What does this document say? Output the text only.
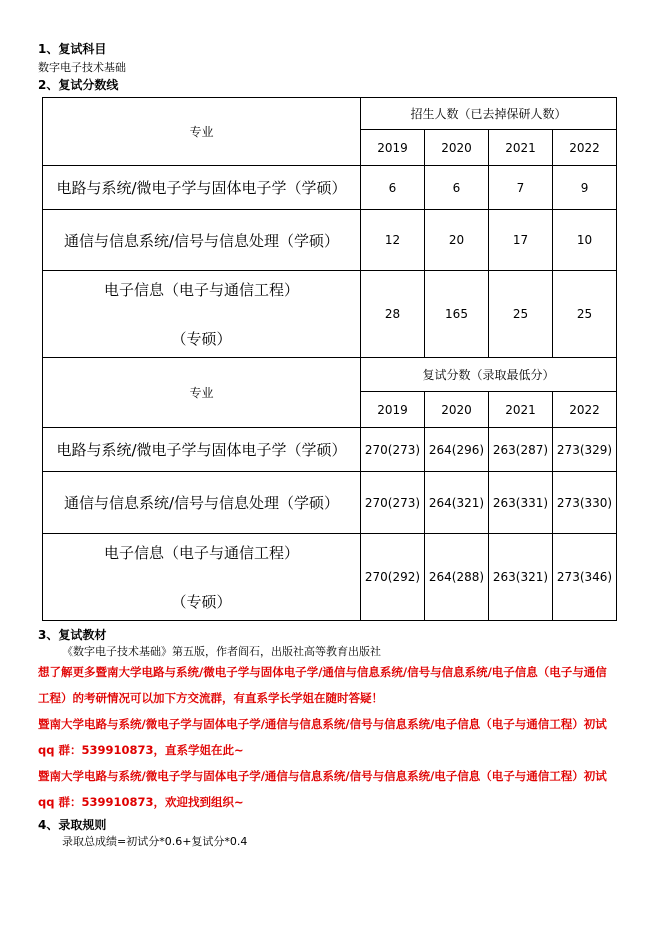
1、复试科目
数字电子技术基础
2、复试分数线
专业	招生人数（已去掉保研人数）			
	2019	2020	2021	2022
电路与系统/微电子学与固体电子学（学硕）	6	6	7	9
通信与信息系统/信号与信息处理（学硕）	12	20	17	10

电子信息（电子与通信工程）
（专硕）	28	165	25	25
专业	复试分数（录取最低分）			
	2019	2020	2021	2022
电路与系统/微电子学与固体电子学（学硕）	270(273)	264(296)	263(287)	273(329)
通信与信息系统/信号与信息处理（学硕）	270(273)	264(321)	263(331)	273(330)

电子信息（电子与通信工程）
（专硕）	270(292)	264(288)	263(321)	273(346)
3、复试教材
《数字电子技术基础》第五版，作者阎石，出版社高等教育出版社
想了解更多暨南大学电路与系统/微电子学与固体电子学/通信与信息系统/信号与信息系统/电子信息（电子与通信
工程）的考研情况可以加下方交流群，有直系学长学姐在随时答疑！
暨南大学电路与系统/微电子学与固体电子学/通信与信息系统/信号与信息系统/电子信息（电子与通信工程）初试
qq 群：539910873，直系学姐在此~
暨南大学电路与系统/微电子学与固体电子学/通信与信息系统/信号与信息系统/电子信息（电子与通信工程）初试
qq 群：539910873，欢迎找到组织~
4、录取规则
录取总成绩=初试分*0.6+复试分*0.4
